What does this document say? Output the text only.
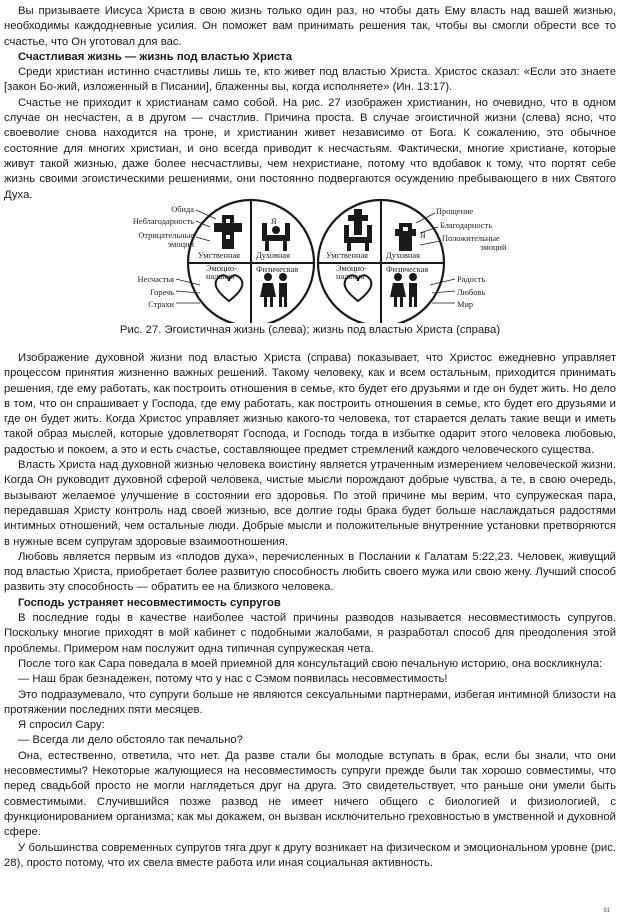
Вы призываете Иисуса Христа в свою жизнь только один раз, но чтобы дать Ему власть над вашей жизнью, необходимы каждодневные усилия. Он поможет вам принимать решения так, чтобы вы смогли обрести все то счастье, что Он уготовал для вас.

Счастливая жизнь — жизнь под властью Христа

Среди христиан истинно счастливы лишь те, кто живет под властью Христа. Христос сказал: «Если это знаете [закон Бо-жий, изложенный в Писании], блаженны вы, когда исполняете» (Ин. 13:17).

Счастье не приходит к христианам само собой. На рис. 27 изображен христианин, но очевидно, что в одном случае он несчастен, а в другом — счастлив. Причина проста. В случае эгоистичной жизни (слева) ясно, что своеволие снова находится на троне, и христианин живет независимо от Бога. К сожалению, это обычное состояние для многих христиан, и оно всегда приводит к несчастьям. Фактически, многие христиане, которые живут такой жизнью, даже более несчастливы, чем нехристиане, потому что вдобавок к тому, что портят себе жизнь своими эгоистическими решениями, они постоянно подвергаются осуждению пребывающего в них Святого Духа.

Обида
Неблагодарность
Отрицательные
эмоции
Несчастья
Горечь
Страхи
Прощение
Благодарность
Положительные
эмоций
Радость
Любовь
Мир
Умственная Духовная
Эмоцио-
нальная
Физическая
Я
Умственная Духовная
Эмоцио-
нальная
Физическая
Я
Рис. 27. Эгоистичная жизнь (слева); жизнь под властью Христа (справа)

Изображение духовной жизни под властью Христа (справа) показывает, что Христос ежедневно управляет процессом принятия жизненно важных решений. Такому человеку, как и всем остальным, приходится принимать решения, где ему работать, как построить отношения в семье, кто будет его друзьями и где он будет жить. Но дело в том, что он спрашивает у Господа, где ему работать, как построить отношения в семье, кто будет его друзьями и где он будет жить. Когда Христос управляет жизнью какого-то человека, тот старается делать такие вещи и иметь такой образ мыслей, которые удовлетворят Господа, и Господь тогда в избытке одарит этого человека любовью, радостью и покоем, а это и есть счастье, составляющее предмет стремлений каждого человеческого существа.

Власть Христа над духовной жизнью человека воистину является утраченным измерением человеческой жизни. Когда Он руководит духовной сферой человека, чистые мысли порождают добрые чувства, а те, в свою очередь, вызывают желаемое улучшение в состоянии его здоровья. По этой причине мы верим, что супружеская пара, передавшая Христу контроль над своей жизнью, все долгие годы брака будет больше наслаждаться радостями интимных отношений, чем остальные люди. Добрые мысли и положительные внутренние установки претворяются в нужные всем супругам здоровые взаимоотношения.

Любовь является первым из «плодов духа», перечисленных в Послании к Галатам 5:22,23. Человек, живущий под властью Христа, приобретает более развитую способность любить своего мужа или свою жену. Лучший способ развить эту способность — обратить ее на близкого человека.

Господь устраняет несовместимость супругов

В последние годы в качестве наиболее частой причины разводов называется несовместимость супругов. Поскольку многие приходят в мой кабинет с подобными жалобами, я разработал способ для преодоления этой проблемы. Примером нам послужит одна типичная супружеская чета.

После того как Сара поведала в моей приемной для консультаций свою печальную историю, она воскликнула:

— Наш брак безнадежен, потому что у нас с Сэмом появилась несовместимость!

Это подразумевало, что супруги больше не являются сексуальными партнерами, избегая интимной близости на протяжении последних пяти месяцев.

Я спросил Сару:

— Всегда ли дело обстояло так печально?

Она, естественно, ответила, что нет. Да разве стали бы молодые вступать в брак, если бы знали, что они несовместимы? Некоторые жалующиеся на несовместимость супруги прежде были так хорошо совместимы, что перед свадьбой просто не могли наглядеться друг на друга. Это свидетельствует, что раньше они умели быть совместимыми. Случившийся позже развод не имеет ничего общего с биологией и физиологией, с функционированием организма; как мы докажем, он вызван исключительно греховностью в умственной и духовной сфере.

У большинства современных супругов тяга друг к другу возникает на физическом и эмоциональном уровне (рис. 28), просто потому, что их свела вместе работа или иная социальная активность.

91
